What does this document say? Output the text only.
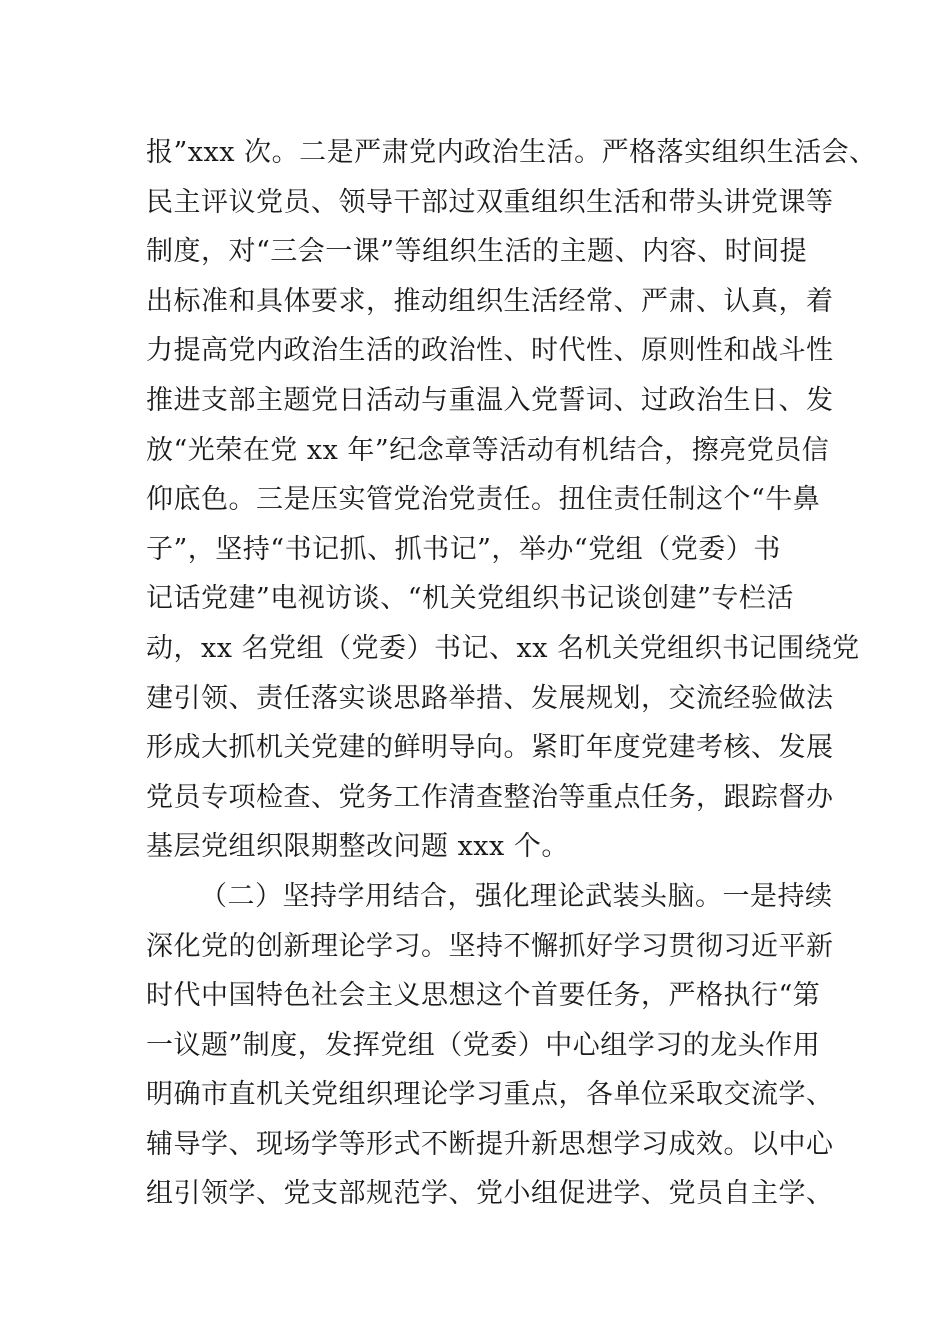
报”xxx 次。二是严肃党内政治生活。严格落实组织生活会、
民主评议党员、领导干部过双重组织生活和带头讲党课等
制度，对“三会一课”等组织生活的主题、内容、时间提
出标准和具体要求，推动组织生活经常、严肃、认真，着
力提高党内政治生活的政治性、时代性、原则性和战斗性
推进支部主题党日活动与重温入党誓词、过政治生日、发
放“光荣在党 xx 年”纪念章等活动有机结合，擦亮党员信
仰底色。三是压实管党治党责任。扭住责任制这个“牛鼻
子”，坚持“书记抓、抓书记”，举办“党组（党委）书
记话党建”电视访谈、“机关党组织书记谈创建”专栏活
动，xx 名党组（党委）书记、xx 名机关党组织书记围绕党
建引领、责任落实谈思路举措、发展规划，交流经验做法
形成大抓机关党建的鲜明导向。紧盯年度党建考核、发展
党员专项检查、党务工作清查整治等重点任务，跟踪督办
基层党组织限期整改问题 xxx 个。
（二）坚持学用结合，强化理论武装头脑。一是持续
深化党的创新理论学习。坚持不懈抓好学习贯彻习近平新
时代中国特色社会主义思想这个首要任务，严格执行“第
一议题”制度，发挥党组（党委）中心组学习的龙头作用
明确市直机关党组织理论学习重点，各单位采取交流学、
辅导学、现场学等形式不断提升新思想学习成效。以中心
组引领学、党支部规范学、党小组促进学、党员自主学、
